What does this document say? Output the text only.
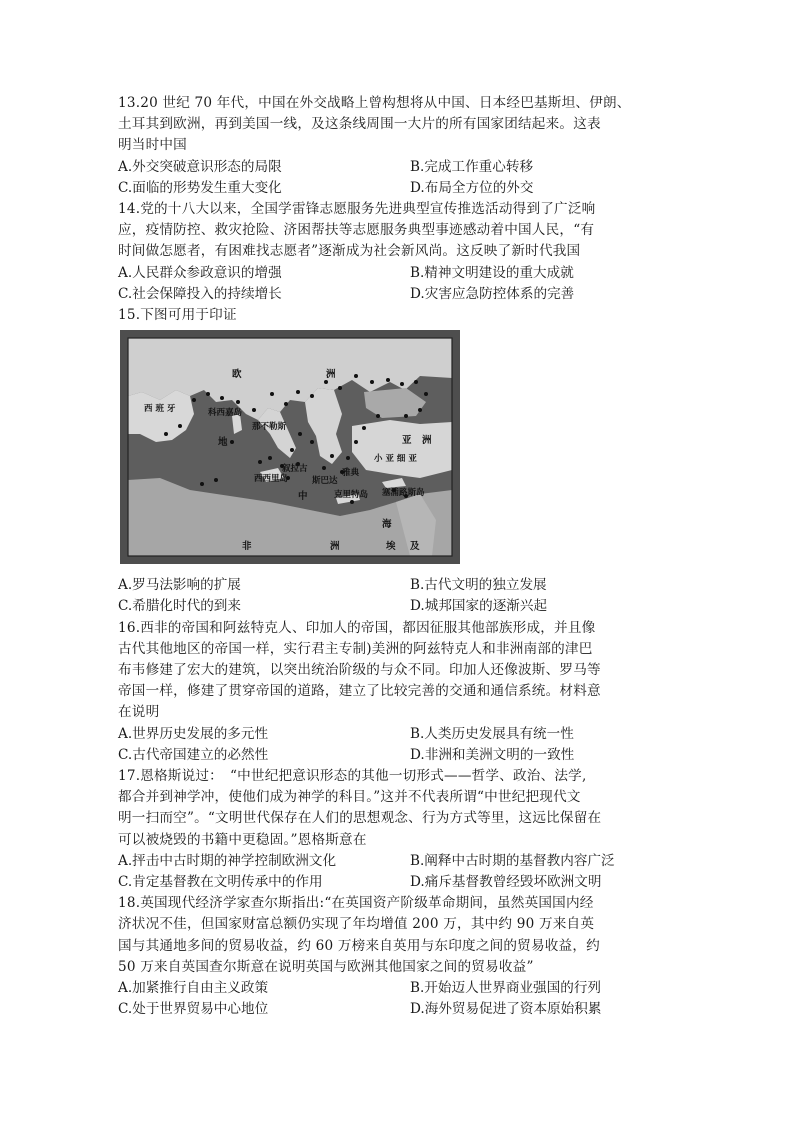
13.20 世纪 70 年代，中国在外交战略上曾构想将从中国、日本经巴基斯坦、伊朗、
土耳其到欧洲，再到美国一线，及这条线周围一大片的所有国家团结起来。这表
明当时中国

A.外交突破意识形态的局限	B.完成工作重心转移
C.面临的形势发生重大变化	D.布局全方位的外交

14.党的十八大以来，全国学雷锋志愿服务先进典型宣传推选活动得到了广泛响
应，疫情防控、救灾抢险、济困帮扶等志愿服务典型事迹感动着中国人民，“有
时间做怎愿者，有困难找志愿者”逐渐成为社会新风尚。这反映了新时代我国

A.人民群众参政意识的增强	B.精神文明建设的重大成就
C.社会保障投入的持续增长	D.灾害应急防控体系的完善

15.下图可用于印证

欧	洲
西 班 牙	科西嘉岛
那不勒斯
地
中
海
亚 洲
小 亚 细 亚
西西里岛
叙拉古
斯巴达
雅典
克里特岛 塞浦路斯岛
非	洲	埃 及
A.罗马法影响的扩展	B.古代文明的独立发展
C.希腊化时代的到来	D.城邦国家的逐渐兴起

16.西非的帝国和阿兹特克人、印加人的帝国，都因征服其他部族形成，并且像
古代其他地区的帝国一样，实行君主专制)美洲的阿兹特克人和非洲南部的津巴
布韦修建了宏大的建筑，以突出统治阶级的与众不同。印加人还像波斯、罗马等
帝国一样，修建了贯穿帝国的道路，建立了比较完善的交通和通信系统。材料意
在说明

A.世界历史发展的多元性	B.人类历史发展具有统一性
C.古代帝国建立的必然性	D.非洲和美洲文明的一致性

17.恩格斯说过：　“中世纪把意识形态的其他一切形式——哲学、政治、法学,
都合并到神学冲，使他们成为神学的科目。”这并不代表所谓“中世纪把现代文
明一扫而空”。“文明世代保存在人们的思想观念、行为方式等里，这远比保留在
可以被烧毁的书籍中更稳固。”恩格斯意在

A.抨击中古时期的神学控制欧洲文化	B.阐释中古时期的基督教内容广泛
C.肯定基督教在文明传承中的作用	D.痛斥基督教曾经毁坏欧洲文明

18.英国现代经济学家查尔斯指出:“在英国资产阶级革命期间，虽然英国国内经
济状况不佳，但国家财富总额仍实现了年均增值 200 万，其中约 90 万来自英
国与其通地多间的贸易收益，约 60 万榜来自英用与东印度之间的贸易收益，约
50 万来自英国查尔斯意在说明英国与欧洲其他国家之间的贸易收益”

A.加紧推行自由主义政策	B.开始迈人世界商业强国的行列
C.处于世界贸易中心地位	D.海外贸易促进了资本原始积累
